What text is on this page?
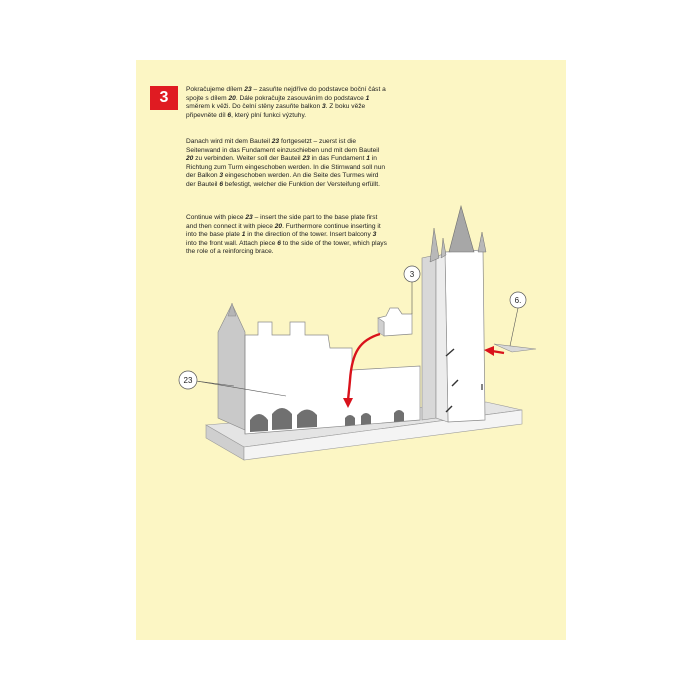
3	Pokračujeme dílem 23 – zasuňte nejdříve do podstavce boční část a spojte s dílem 20. Dále pokračujte zasouváním do podstavce 1 směrem k věži. Do čelní stěny zasuňte balkon 3. Z boku věže připevněte díl 6, který plní funkci výztuhy.

Danach wird mit dem Bauteil 23 fortgesetzt – zuerst ist die Seitenwand in das Fundament einzuschieben und mit dem Bauteil 20 zu verbinden. Weiter soll der Bauteil 23 in das Fundament 1 in Richtung zum Turm eingeschoben werden. In die Stirnwand soll nun der Balkon 3 eingeschoben werden. An die Seite des Turmes wird der Bauteil 6 befestigt, welcher die Funktion der Versteifung erfüllt.

Continue with piece 23 – insert the side part to the base plate first and then connect it with piece 20. Furthermore continue inserting it into the base plate 1 in the direction of the tower. Insert balcony 3 into the front wall. Attach piece 6 to the side of the tower, which plays the role of a reinforcing brace.

3
6.
23
